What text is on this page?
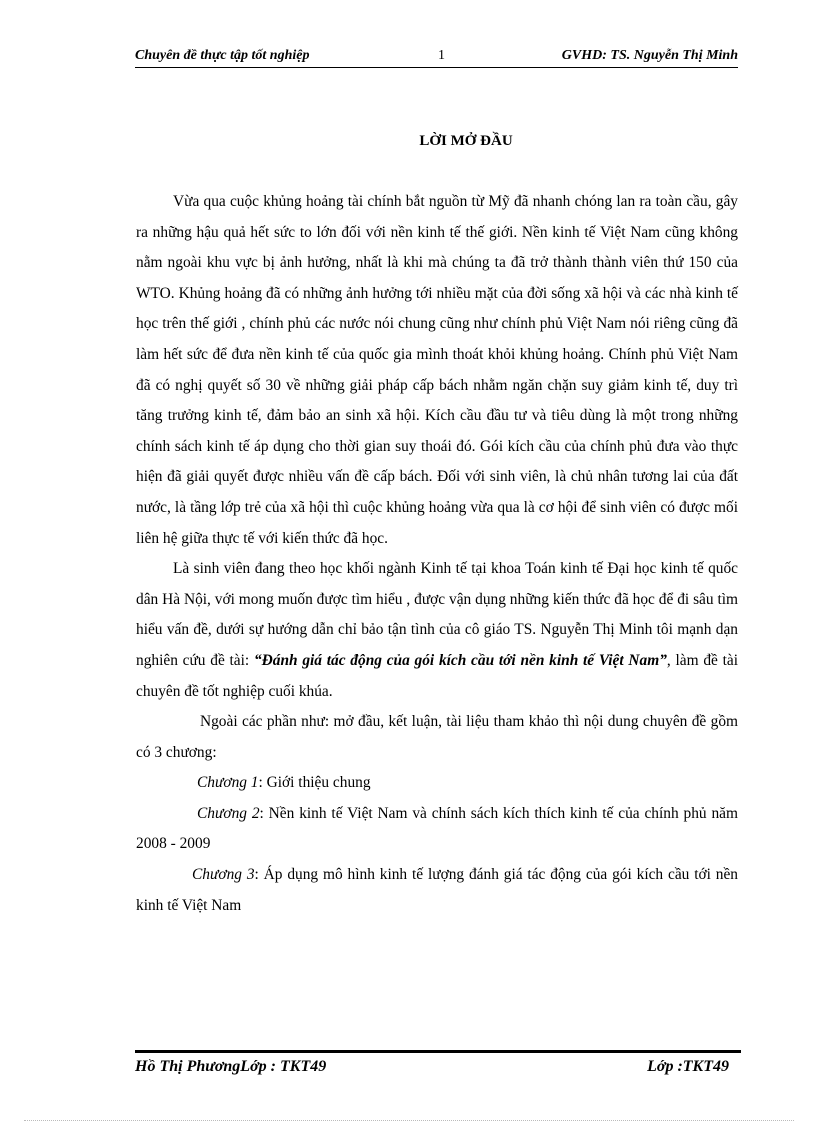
Chuyên đề thực tập tốt nghiệp	1	GVHD: TS. Nguyễn Thị Minh
LỜI MỞ ĐẦU

Vừa qua cuộc khủng hoảng tài chính bắt nguồn từ Mỹ đã nhanh chóng lan ra toàn cầu, gây ra những hậu quả hết sức to lớn đối với nền kinh tế thế giới. Nền kinh tế Việt Nam cũng không nằm ngoài khu vực bị ảnh hưởng, nhất là khi mà chúng ta đã trở thành thành viên thứ 150 của WTO. Khủng hoảng đã có những ảnh hưởng tới nhiều mặt của đời sống xã hội và các nhà kinh tế học trên thế giới , chính phủ các nước nói chung cũng như chính phủ Việt Nam nói riêng cũng đã làm hết sức để đưa nền kinh tế của quốc gia mình thoát khỏi khủng hoảng. Chính phủ Việt Nam đã có nghị quyết số 30 về những giải pháp cấp bách nhằm ngăn chặn suy giảm kinh tế, duy trì tăng trưởng kinh tế, đảm bảo an sinh xã hội. Kích cầu đầu tư và tiêu dùng là một trong những chính sách kinh tế áp dụng cho thời gian suy thoái đó. Gói kích cầu của chính phủ đưa vào thực hiện đã giải quyết được nhiều vấn đề cấp bách. Đối với sinh viên, là chủ nhân tương lai của đất nước, là tầng lớp trẻ của xã hội thì cuộc khủng hoảng vừa qua là cơ hội để sinh viên có được mối liên hệ giữa thực tế với kiến thức đã học.

Là sinh viên đang theo học khối ngành Kinh tế tại khoa Toán kinh tế Đại học kinh tế quốc dân Hà Nội, với mong muốn được tìm hiểu , được vận dụng những kiến thức đã học để đi sâu tìm hiểu vấn đề, dưới sự hướng dẫn chỉ bảo tận tình của cô giáo TS. Nguyễn Thị Minh tôi mạnh dạn nghiên cứu đề tài: “Đánh giá tác động của gói kích cầu tới nền kinh tế Việt Nam”, làm đề tài chuyên đề tốt nghiệp cuối khúa.

Ngoài các phần như: mở đầu, kết luận, tài liệu tham khảo thì nội dung chuyên đề gồm có 3 chương:

Chương 1: Giới thiệu chung

Chương 2: Nền kinh tế Việt Nam và chính sách kích thích kinh tế của chính phủ năm 2008 - 2009

Chương 3: Áp dụng mô hình kinh tế lượng đánh giá tác động của gói kích cầu tới nền kinh tế Việt Nam

Hồ Thị PhươngLớp : TKT49	Lớp :TKT49
